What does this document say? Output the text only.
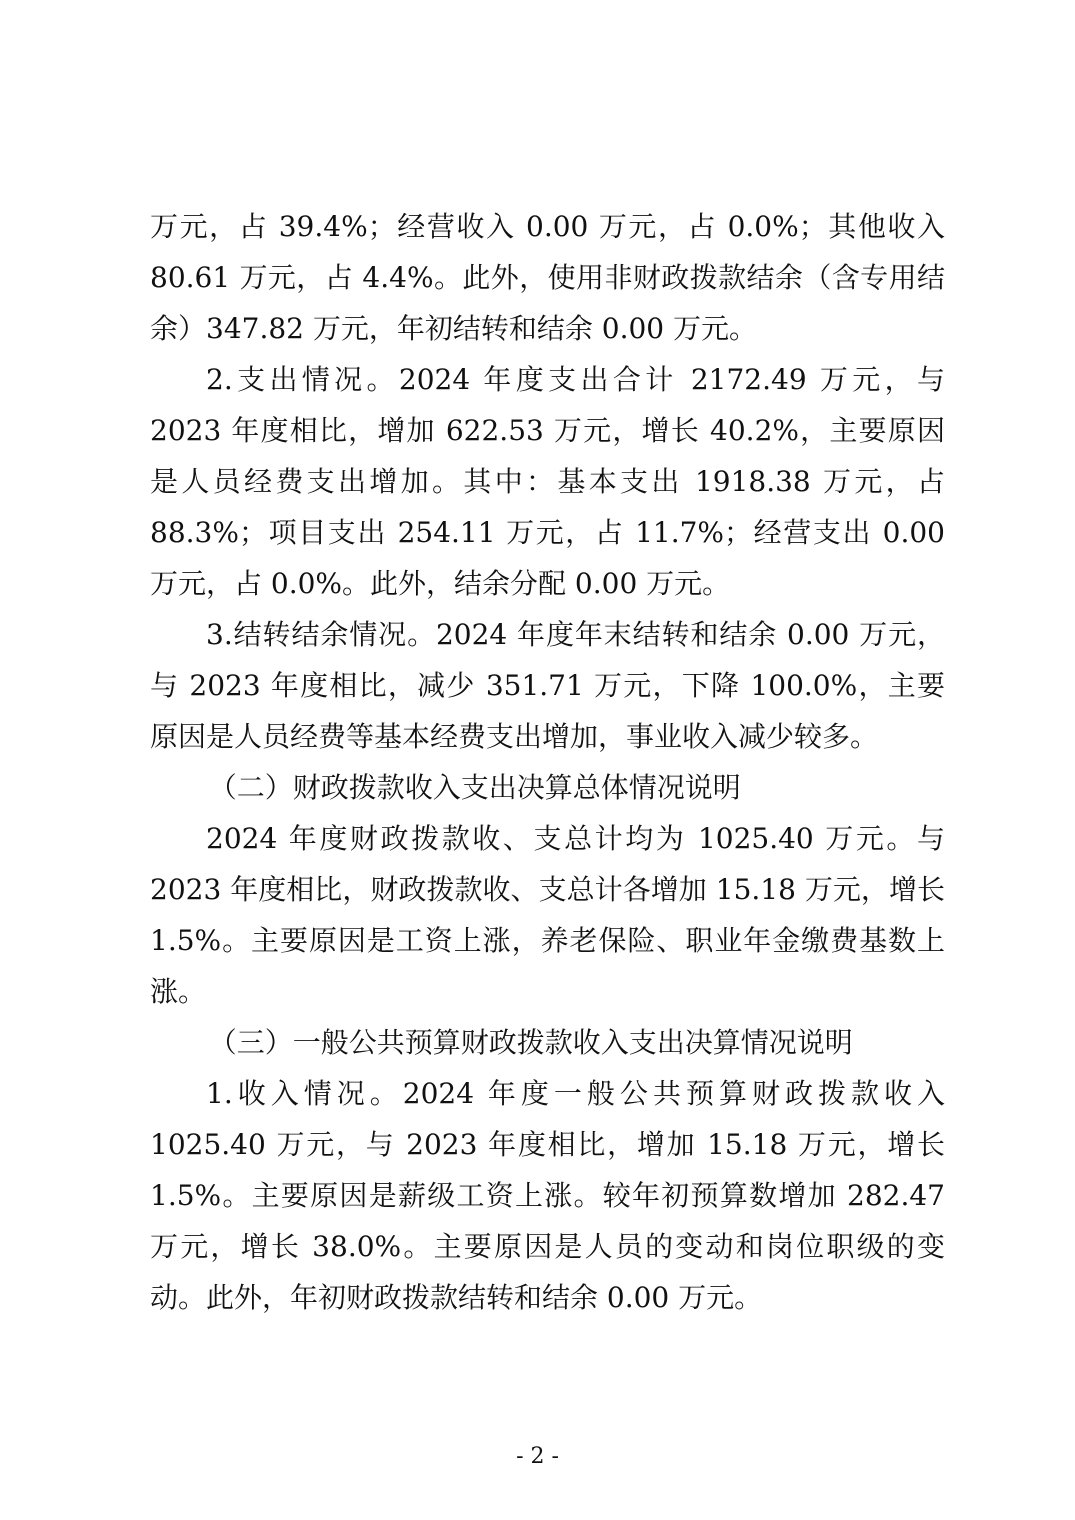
万元，占 39.4%；经营收入 0.00 万元，占 0.0%；其他收入 80.61 万元，占 4.4%。此外，使用非财政拨款结余（含专用结余）347.82 万元，年初结转和结余 0.00 万元。

2.支出情况。2024 年度支出合计 2172.49 万元，与 2023 年度相比，增加 622.53 万元，增长 40.2%，主要原因是人员经费支出增加。其中：基本支出 1918.38 万元，占 88.3%；项目支出 254.11 万元，占 11.7%；经营支出 0.00 万元，占 0.0%。此外，结余分配 0.00 万元。

3.结转结余情况。2024 年度年末结转和结余 0.00 万元，与 2023 年度相比，减少 351.71 万元，下降 100.0%，主要原因是人员经费等基本经费支出增加，事业收入减少较多。

（二）财政拨款收入支出决算总体情况说明

2024 年度财政拨款收、支总计均为 1025.40 万元。与 2023 年度相比，财政拨款收、支总计各增加 15.18 万元，增长 1.5%。主要原因是工资上涨，养老保险、职业年金缴费基数上涨。

（三）一般公共预算财政拨款收入支出决算情况说明

1.收入情况。2024 年度一般公共预算财政拨款收入 1025.40 万元，与 2023 年度相比，增加 15.18 万元，增长 1.5%。主要原因是薪级工资上涨。较年初预算数增加 282.47 万元，增长 38.0%。主要原因是人员的变动和岗位职级的变动。此外，年初财政拨款结转和结余 0.00 万元。

- 2 -
